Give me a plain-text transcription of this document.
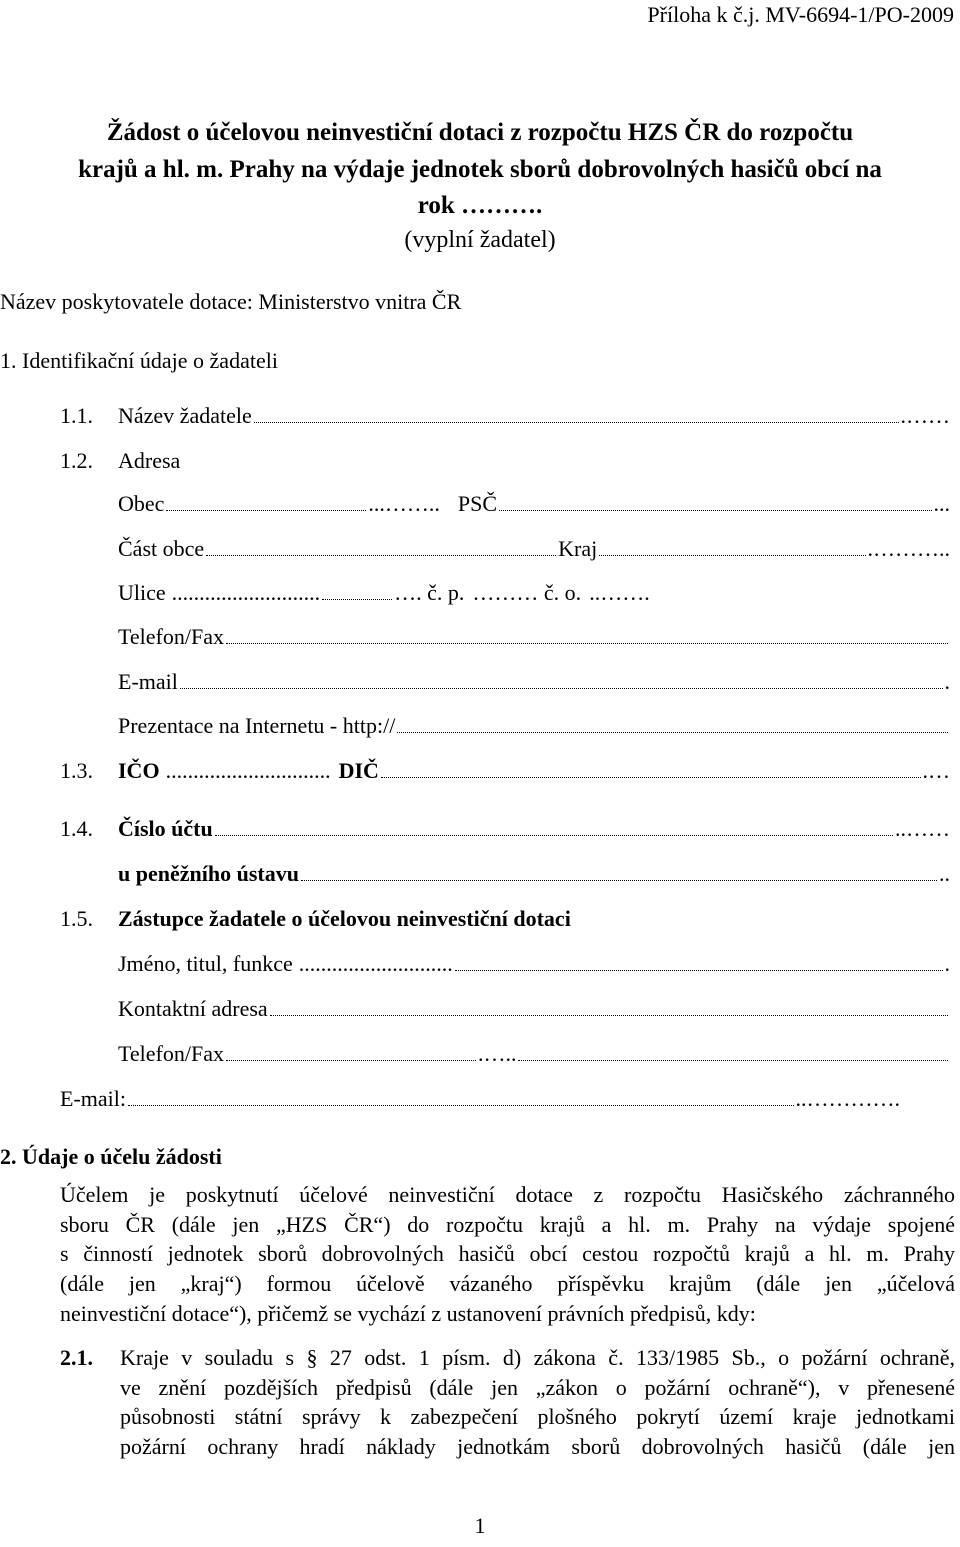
Příloha k č.j. MV-6694-1/PO-2009
Žádost o účelovou neinvestiční dotaci z rozpočtu HZS ČR do rozpočtu
krajů a hl. m. Prahy na výdaje jednotek sborů dobrovolných hasičů obcí na
rok ……….
(vyplní žadatel)
Název poskytovatele dotace: Ministerstvo vnitra ČR
1. Identifikační údaje o žadateli
1.1.	Název žadatele	.……
1.2.	Adresa
Obec	...…….. PSČ	...
Část obce	Kraj	.………..
Ulice ...........................	…. č. p. ……… č. o. ..…….
Telefon/Fax
E-mail	.
Prezentace na Internetu - http://
1.3.	IČO .............................. DIČ	.…
1.4.	Číslo účtu	..……
u peněžního ústavu	..
1.5.	Zástupce žadatele o účelovou neinvestiční dotaci
Jméno, titul, funkce ............................	.
Kontaktní adresa
Telefon/Fax	.…..
E-mail:	..………….
2. Údaje o účelu žádosti
Účelem je poskytnutí účelové neinvestiční dotace z rozpočtu Hasičského záchranného
sboru ČR (dále jen „HZS ČR“) do rozpočtu krajů a hl. m. Prahy na výdaje spojené
s činností jednotek sborů dobrovolných hasičů obcí cestou rozpočtů krajů a hl. m. Prahy
(dále jen „kraj“) formou účelově vázaného příspěvku krajům (dále jen „účelová
neinvestiční dotace“), přičemž se vychází z ustanovení právních předpisů, kdy:
2.1. Kraje v souladu s § 27 odst. 1 písm. d) zákona č. 133/1985 Sb., o požární ochraně,
ve znění pozdějších předpisů (dále jen „zákon o požární ochraně“), v přenesené
působnosti státní správy k zabezpečení plošného pokrytí území kraje jednotkami
požární ochrany hradí náklady jednotkám sborů dobrovolných hasičů (dále jen
1
